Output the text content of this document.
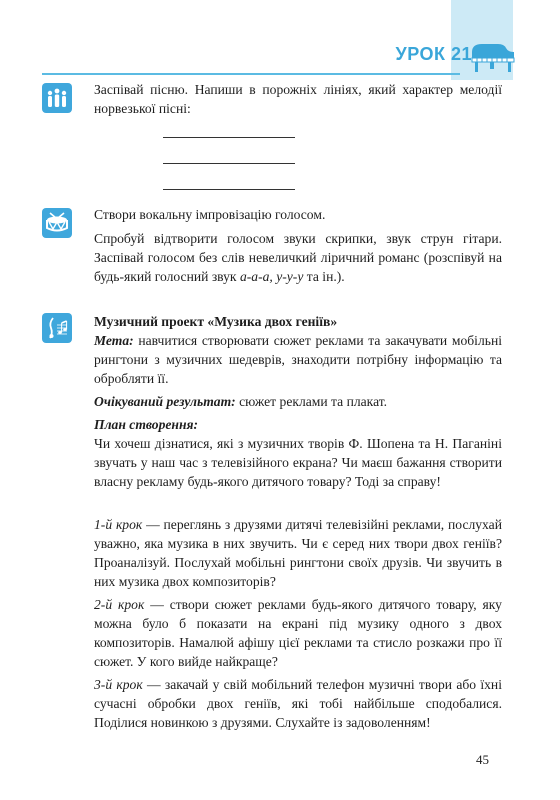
УРОК 21

Заспівай пісню. Напиши в порожніх лініях, який характер мелодії норвезької пісні:

Створи вокальну імпровізацію голосом.

Спробуй відтворити голосом звуки скрипки, звук струн гітари. Заспівай голосом без слів невеличкий ліричний романс (розспівуй на будь-який голосний звук а-а-а, у-у-у та ін.).

Музичний проект «Музика двох геніїв»

Мета: навчитися створювати сюжет реклами та закачувати мобільні рингтони з музичних шедеврів, знаходити потрібну інформацію та обробляти її.

Очікуваний результат: сюжет реклами та плакат.

План створення:

Чи хочеш дізнатися, які з музичних творів Ф. Шопена та Н. Паганіні звучать у наш час з телевізійного екрана? Чи маєш бажання створити власну рекламу будь-якого дитячого товару? Тоді за справу!

1-й крок — переглянь з друзями дитячі телевізійні реклами, послухай уважно, яка музика в них звучить. Чи є серед них твори двох геніїв? Проаналізуй. Послухай мобільні рингтони своїх друзів. Чи звучить в них музика двох композиторів?

2-й крок — створи сюжет реклами будь-якого дитячого товару, яку можна було б показати на екрані під музику одного з двох композиторів. Намалюй афішу цієї реклами та стисло розкажи про її сюжет. У кого вийде найкраще?

3-й крок — закачай у свій мобільний телефон музичні твори або їхні сучасні обробки двох геніїв, які тобі найбільше сподобалися. Поділися новинкою з друзями. Слухайте із задоволенням!

45
